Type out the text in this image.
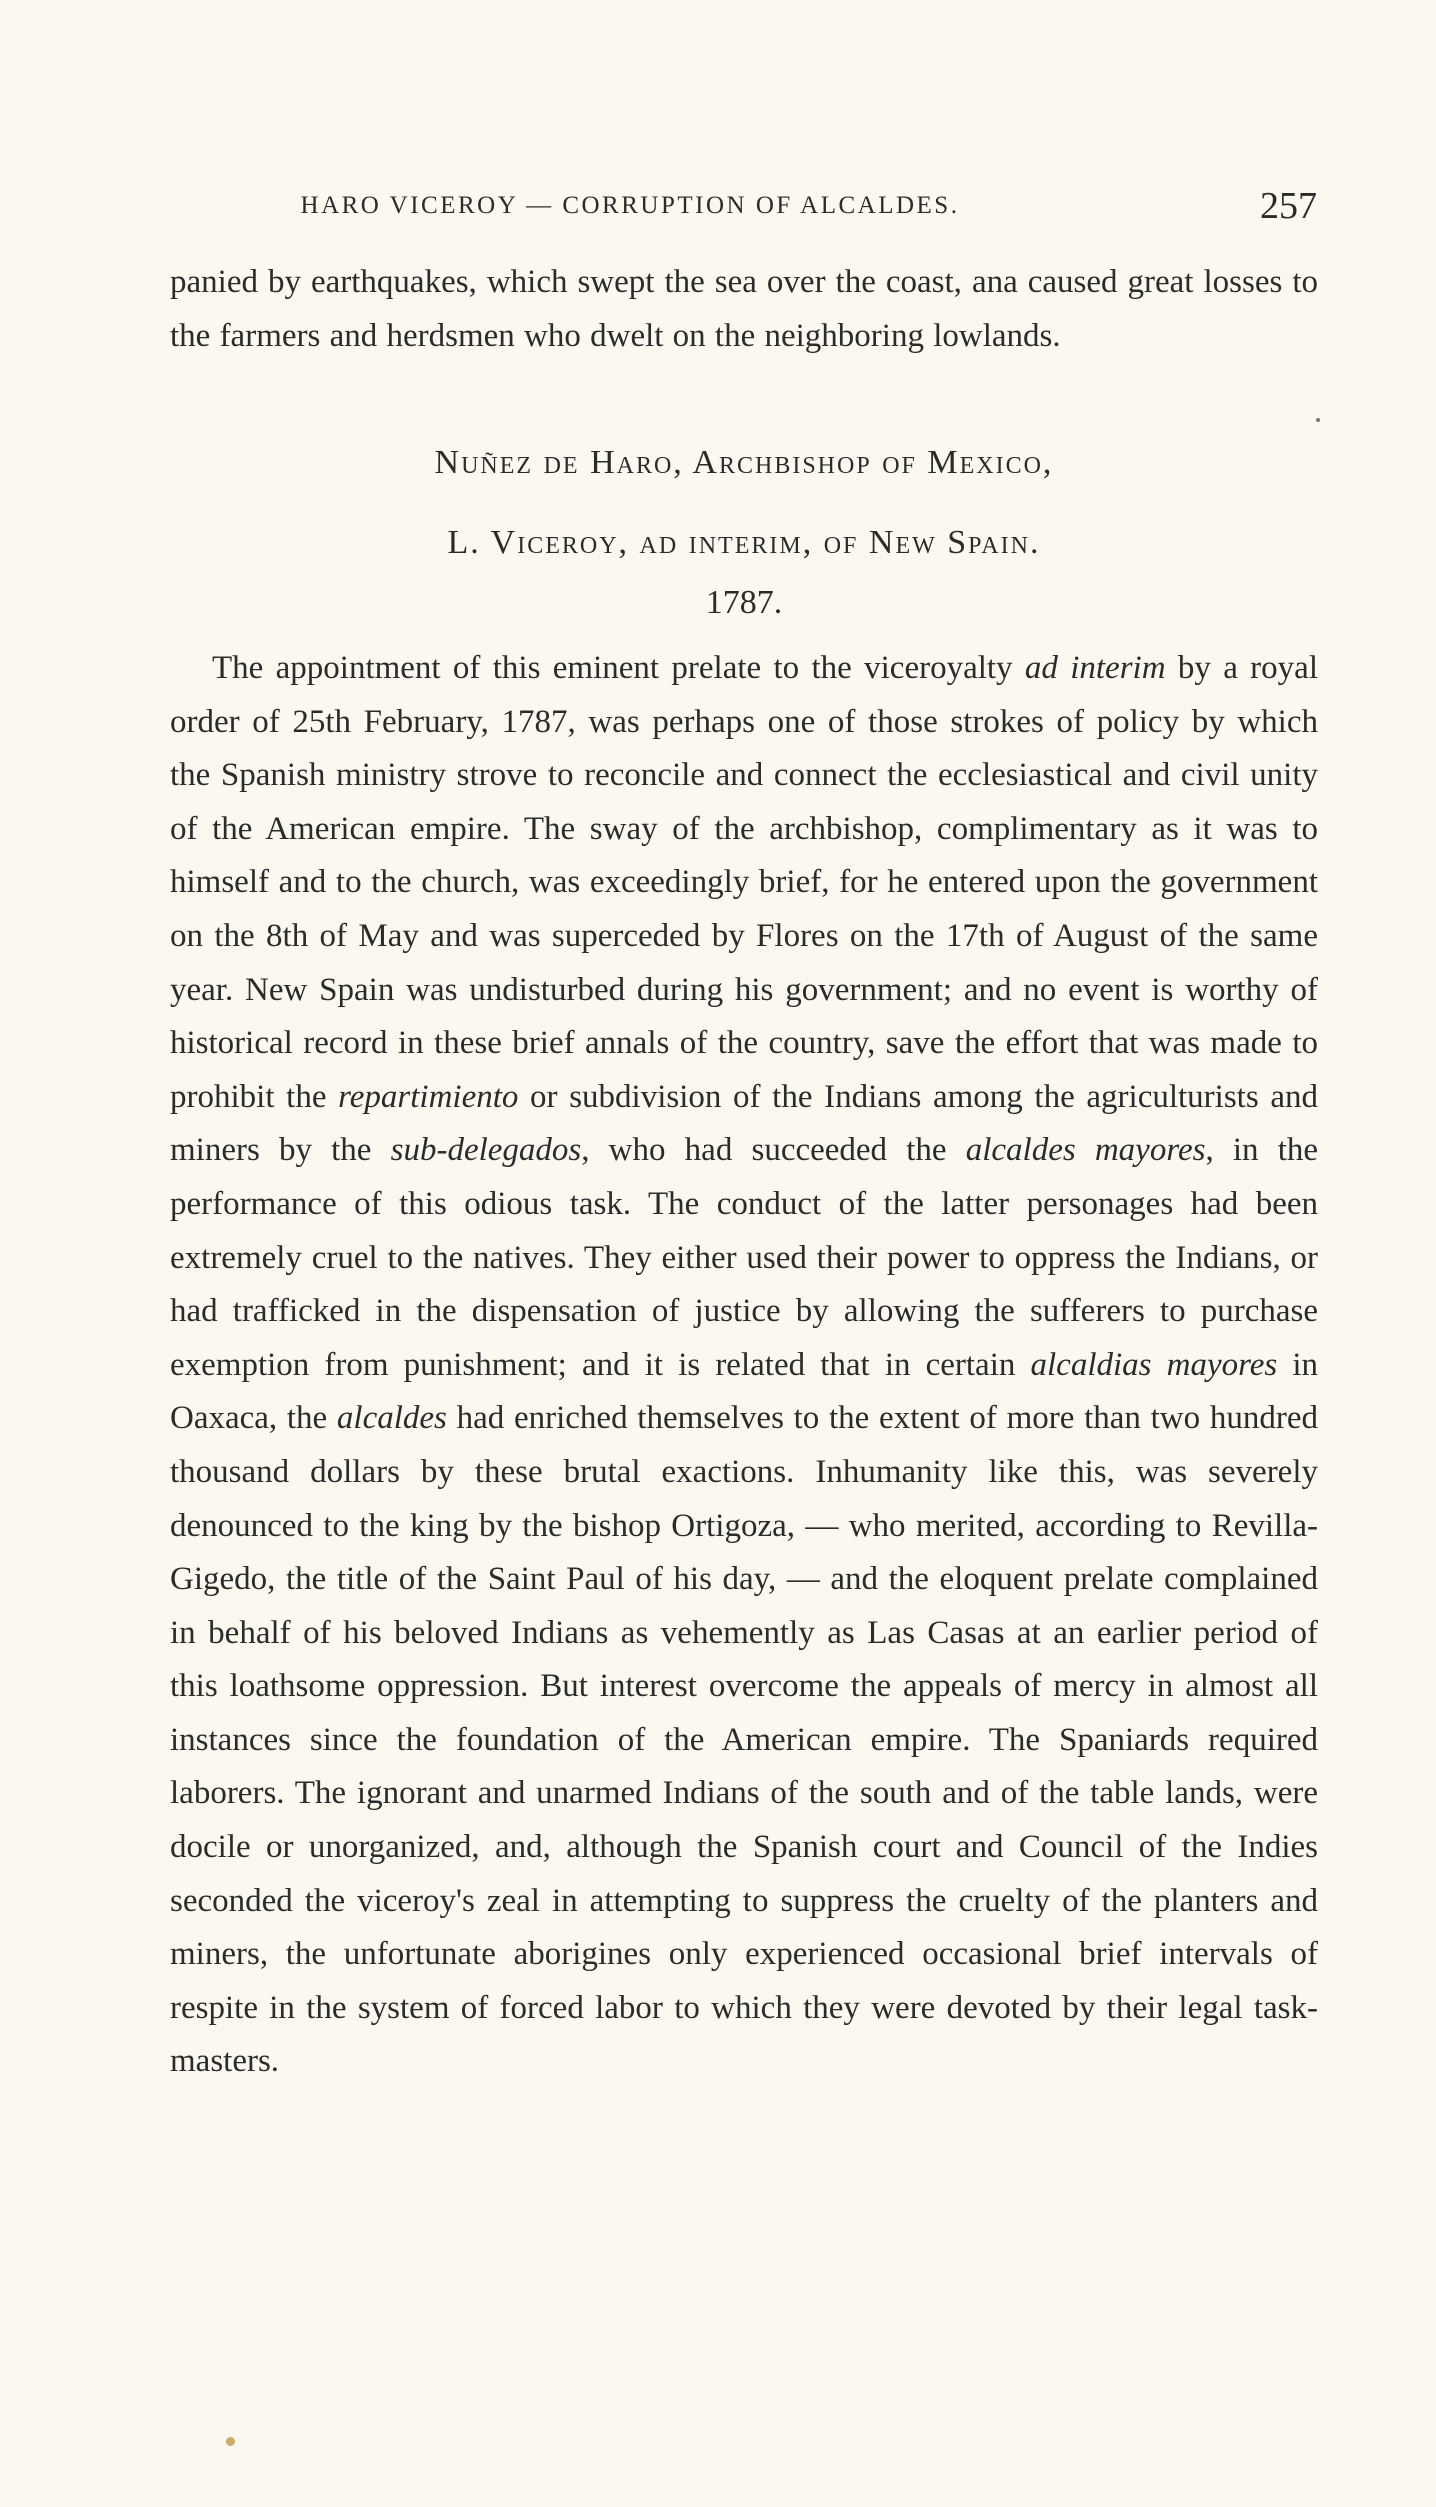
HARO VICEROY — CORRUPTION OF ALCALDES.	257

panied by earthquakes, which swept the sea over the coast, ana caused great losses to the farmers and herdsmen who dwelt on the neighboring lowlands.

Nuñez de Haro, Archbishop of Mexico,
L. Viceroy, ad interim, of New Spain.
1787.

The appointment of this eminent prelate to the viceroyalty ad interim by a royal order of 25th February, 1787, was perhaps one of those strokes of policy by which the Spanish ministry strove to reconcile and connect the ecclesiastical and civil unity of the American empire. The sway of the archbishop, complimentary as it was to himself and to the church, was exceedingly brief, for he entered upon the government on the 8th of May and was superceded by Flores on the 17th of August of the same year. New Spain was undisturbed during his government; and no event is worthy of historical record in these brief annals of the country, save the effort that was made to prohibit the repartimiento or subdivision of the Indians among the agriculturists and miners by the sub-delegados, who had succeeded the alcaldes mayores, in the performance of this odious task. The conduct of the latter personages had been extremely cruel to the natives. They either used their power to oppress the Indians, or had trafficked in the dispensation of justice by allowing the sufferers to purchase exemption from punishment; and it is related that in certain alcaldias mayores in Oaxaca, the alcaldes had enriched themselves to the extent of more than two hundred thousand dollars by these brutal exactions. Inhumanity like this, was severely denounced to the king by the bishop Ortigoza, — who merited, according to Revilla-Gigedo, the title of the Saint Paul of his day, — and the eloquent prelate complained in behalf of his beloved Indians as vehemently as Las Casas at an earlier period of this loathsome oppression. But interest overcome the appeals of mercy in almost all instances since the foundation of the American empire. The Spaniards required laborers. The ignorant and unarmed Indians of the south and of the table lands, were docile or unorganized, and, although the Spanish court and Council of the Indies seconded the viceroy's zeal in attempting to suppress the cruelty of the planters and miners, the unfortunate aborigines only experienced occasional brief intervals of respite in the system of forced labor to which they were devoted by their legal task-masters.
